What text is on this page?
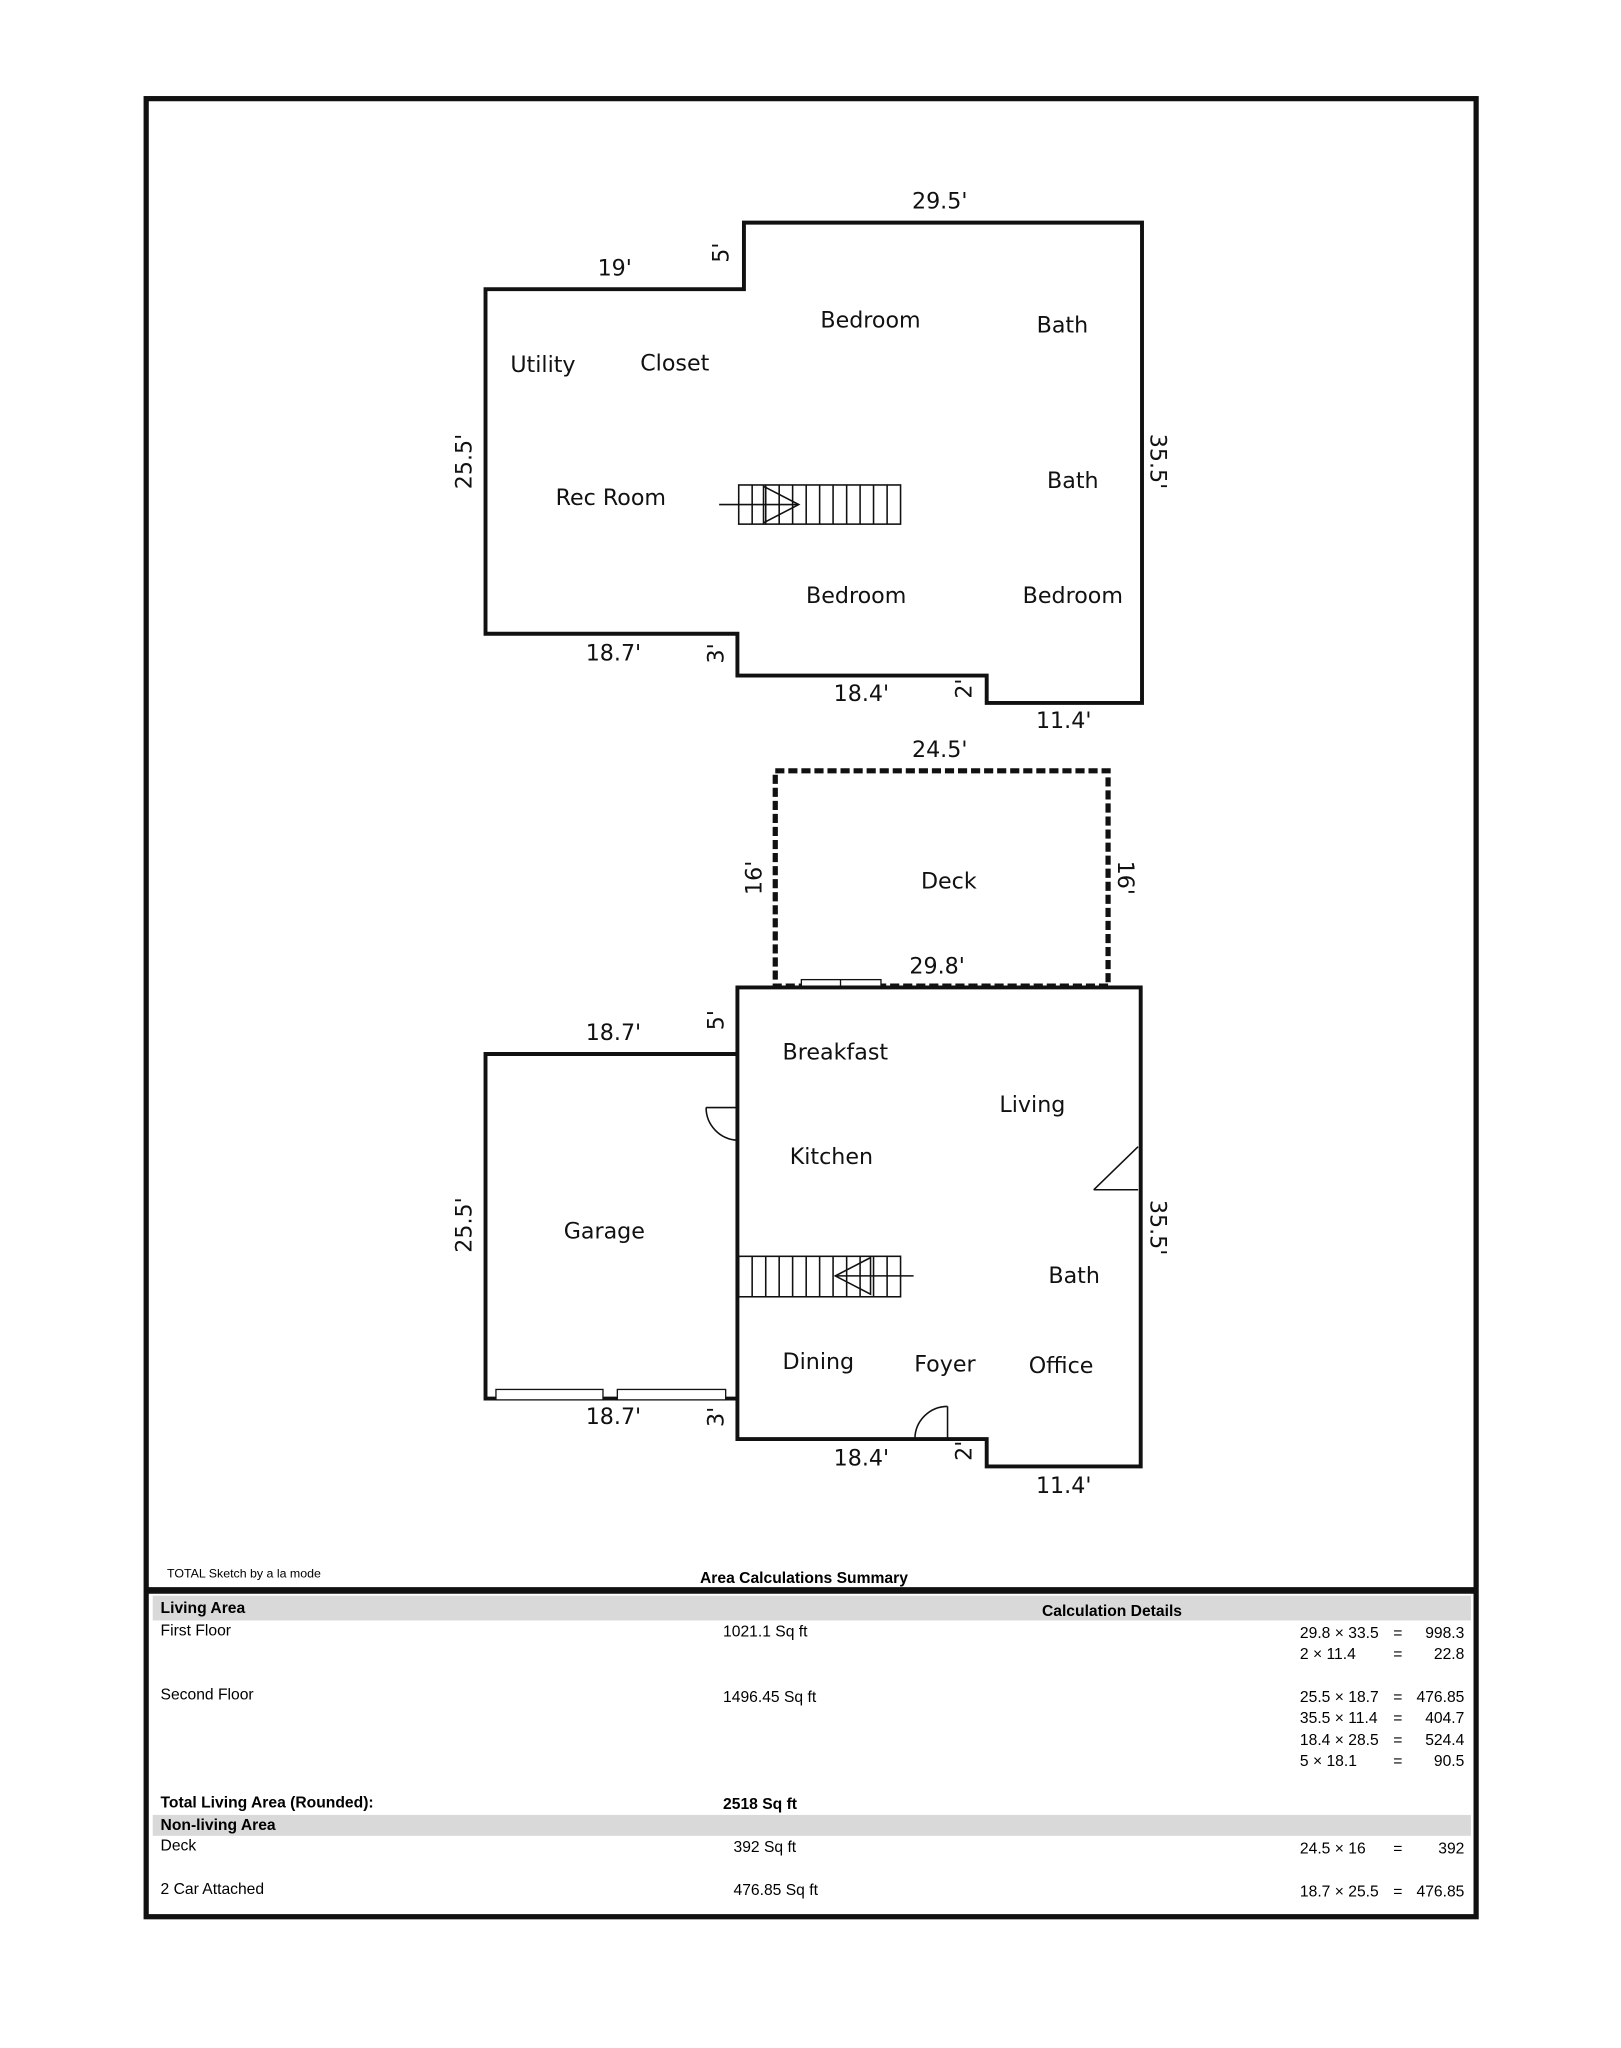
29.5'
19'
5'
25.5'	35.5'
18.7'	3'
18.4'	2'
11.4'
Bedroom	Bath
Utility	Closet
Rec Room
Bath
Bedroom	Bedroom
24.5'
16'	16'
29.8'
Deck
18.7'
5'
25.5'	35.5'
18.7'	3'
18.4'	2'
11.4'
Breakfast
Living
Kitchen
Garage
Bath
Dining	Foyer	Office
TOTAL Sketch by a la mode	Area Calculations Summary
Living Area	Calculation Details
First Floor	1021.1 Sq ft	29.8 × 33.5 = 998.3
2 × 11.4	=	22.8
Second Floor	1496.45 Sq ft	25.5 × 18.7 = 476.85
35.5 × 11.4 = 404.7
18.4 × 28.5 = 524.4
5 × 18.1	=	90.5
Total Living Area (Rounded):	2518 Sq ft
Non-living Area
Deck	392 Sq ft	24.5 × 16 =	392
2 Car Attached	476.85 Sq ft	18.7 × 25.5 = 476.85
